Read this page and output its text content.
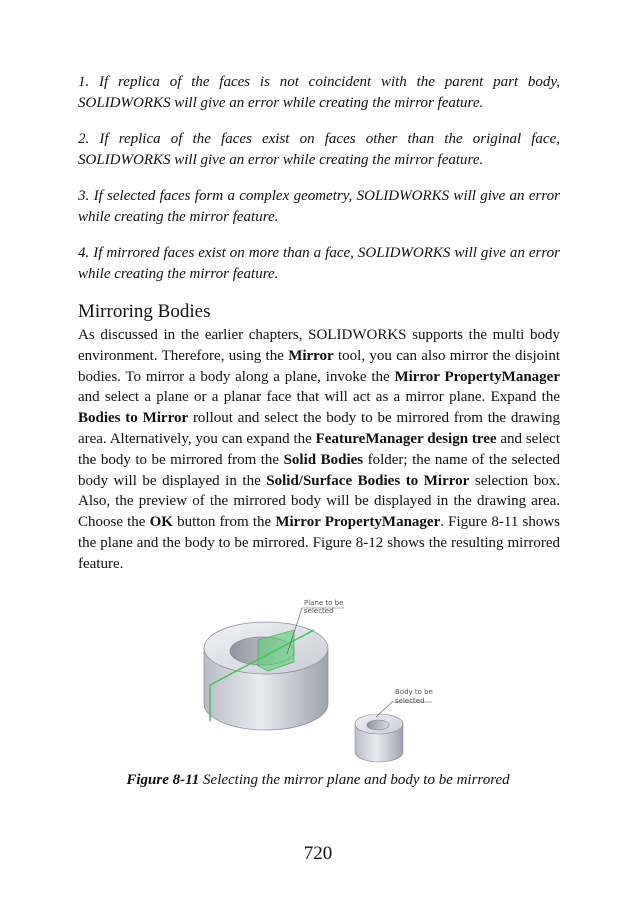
1. If replica of the faces is not coincident with the parent part body, SOLIDWORKS will give an error while creating the mirror feature.

2. If replica of the faces exist on faces other than the original face, SOLIDWORKS will give an error while creating the mirror feature.

3. If selected faces form a complex geometry, SOLIDWORKS will give an error while creating the mirror feature.

4. If mirrored faces exist on more than a face, SOLIDWORKS will give an error while creating the mirror feature.

Mirroring Bodies

As discussed in the earlier chapters, SOLIDWORKS supports the multi body environment. Therefore, using the Mirror tool, you can also mirror the disjoint bodies. To mirror a body along a plane, invoke the Mirror PropertyManager and select a plane or a planar face that will act as a mirror plane. Expand the Bodies to Mirror rollout and select the body to be mirrored from the drawing area. Alternatively, you can expand the FeatureManager design tree and select the body to be mirrored from the Solid Bodies folder; the name of the selected body will be displayed in the Solid/Surface Bodies to Mirror selection box. Also, the preview of the mirrored body will be displayed in the drawing area. Choose the OK button from the Mirror PropertyManager. Figure 8-11 shows the plane and the body to be mirrored. Figure 8-12 shows the resulting mirrored feature.

Plane to be
selected
Body to be
selected
Figure 8-11 Selecting the mirror plane and body to be mirrored
720
